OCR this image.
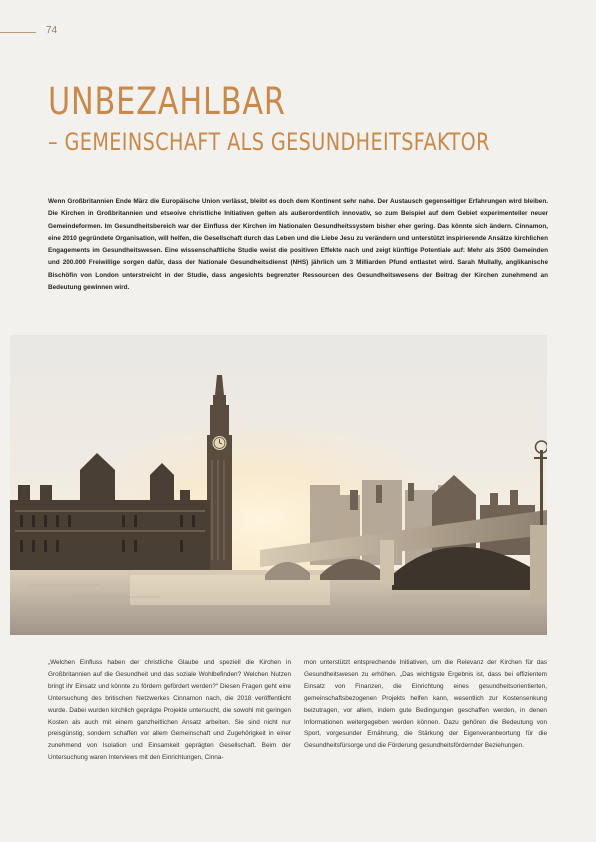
74
UNBEZAHLBAR
– GEMEINSCHAFT ALS GESUNDHEITSFAKTOR

Wenn Großbritannien Ende März die Europäische Union verlässt, bleibt es doch dem Kontinent sehr nahe. Der Austausch gegenseitiger Erfahrungen wird bleiben. Die Kirchen in Großbritannien und etseoive christliche Initiativen gelten als außerordentlich innovativ, so zum Beispiel auf dem Gebiet experimenteller neuer Gemeindeformen. Im Gesundheitsbereich war der Einfluss der Kirchen im Nationalen Gesundheitssystem bisher eher gering. Das könnte sich ändern. Cinnamon, eine 2010 gegründete Organisation, will helfen, die Gesellschaft durch das Leben und die Liebe Jesu zu verändern und unterstützt inspirierende Ansätze kirchlichen Engagements im Gesundheitswesen. Eine wissenschaftliche Studie weist die positiven Effekte nach und zeigt künftige Potentiale auf: Mehr als 3500 Gemeinden und 200.000 Freiwillige sorgen dafür, dass der Nationale Gesundheitsdienst (NHS) jährlich um 3 Milliarden Pfund entlastet wird. Sarah Mullally, anglikanische Bischöfin von London unterstreicht in der Studie, dass angesichts begrenzter Ressourcen des Gesundheitswesens der Beitrag der Kirchen zunehmend an Bedeutung gewinnen wird.

„Welchen Einfluss haben der christliche Glaube und speziell die Kirchen in Großbritannien auf die Gesundheit und das soziale Wohlbefinden? Welchen Nutzen bringt ihr Einsatz und könnte zu fördern gefördert werden?“ Diesen Fragen geht eine Untersuchung des britischen Netzwerkes Cinnamon nach, die 2018 veröffentlicht wurde. Dabei wurden kirchlich geprägte Projekte untersucht, die sowohl mit geringen Kosten als auch mit einem ganzheitlichen Ansatz arbeiten. Sie sind nicht nur preisgünstig, sondern schaffen vor allem Gemeinschaft und Zugehörigkeit in einer zunehmend von Isolation und Einsamkeit geprägten Gesellschaft. Beim der Untersuchung waren Interviews mit den Einrichtungen, Cinna-

mon unterstützt entsprechende Initiativen, um die Relevanz der Kirchen für das Gesundheitswesen zu erhöhen. „Das wichtigste Ergebnis ist, dass bei effizientem Einsatz von Finanzen, die Einrichtung eines gesundheitsorientierten, gemeinschaftsbezogenen Projekts helfen kann, wesentlich zur Kostensenkung beizutragen, vor allem, indem gute Bedingungen geschaffen werden, in denen Informationen weitergegeben werden können. Dazu gehören die Bedeutung von Sport, vorgesunder Ernährung, die Stärkung der Eigenverantwortung für die Gesundheitsfürsorge und die Förderung gesundheitsfördernder Beziehungen.
